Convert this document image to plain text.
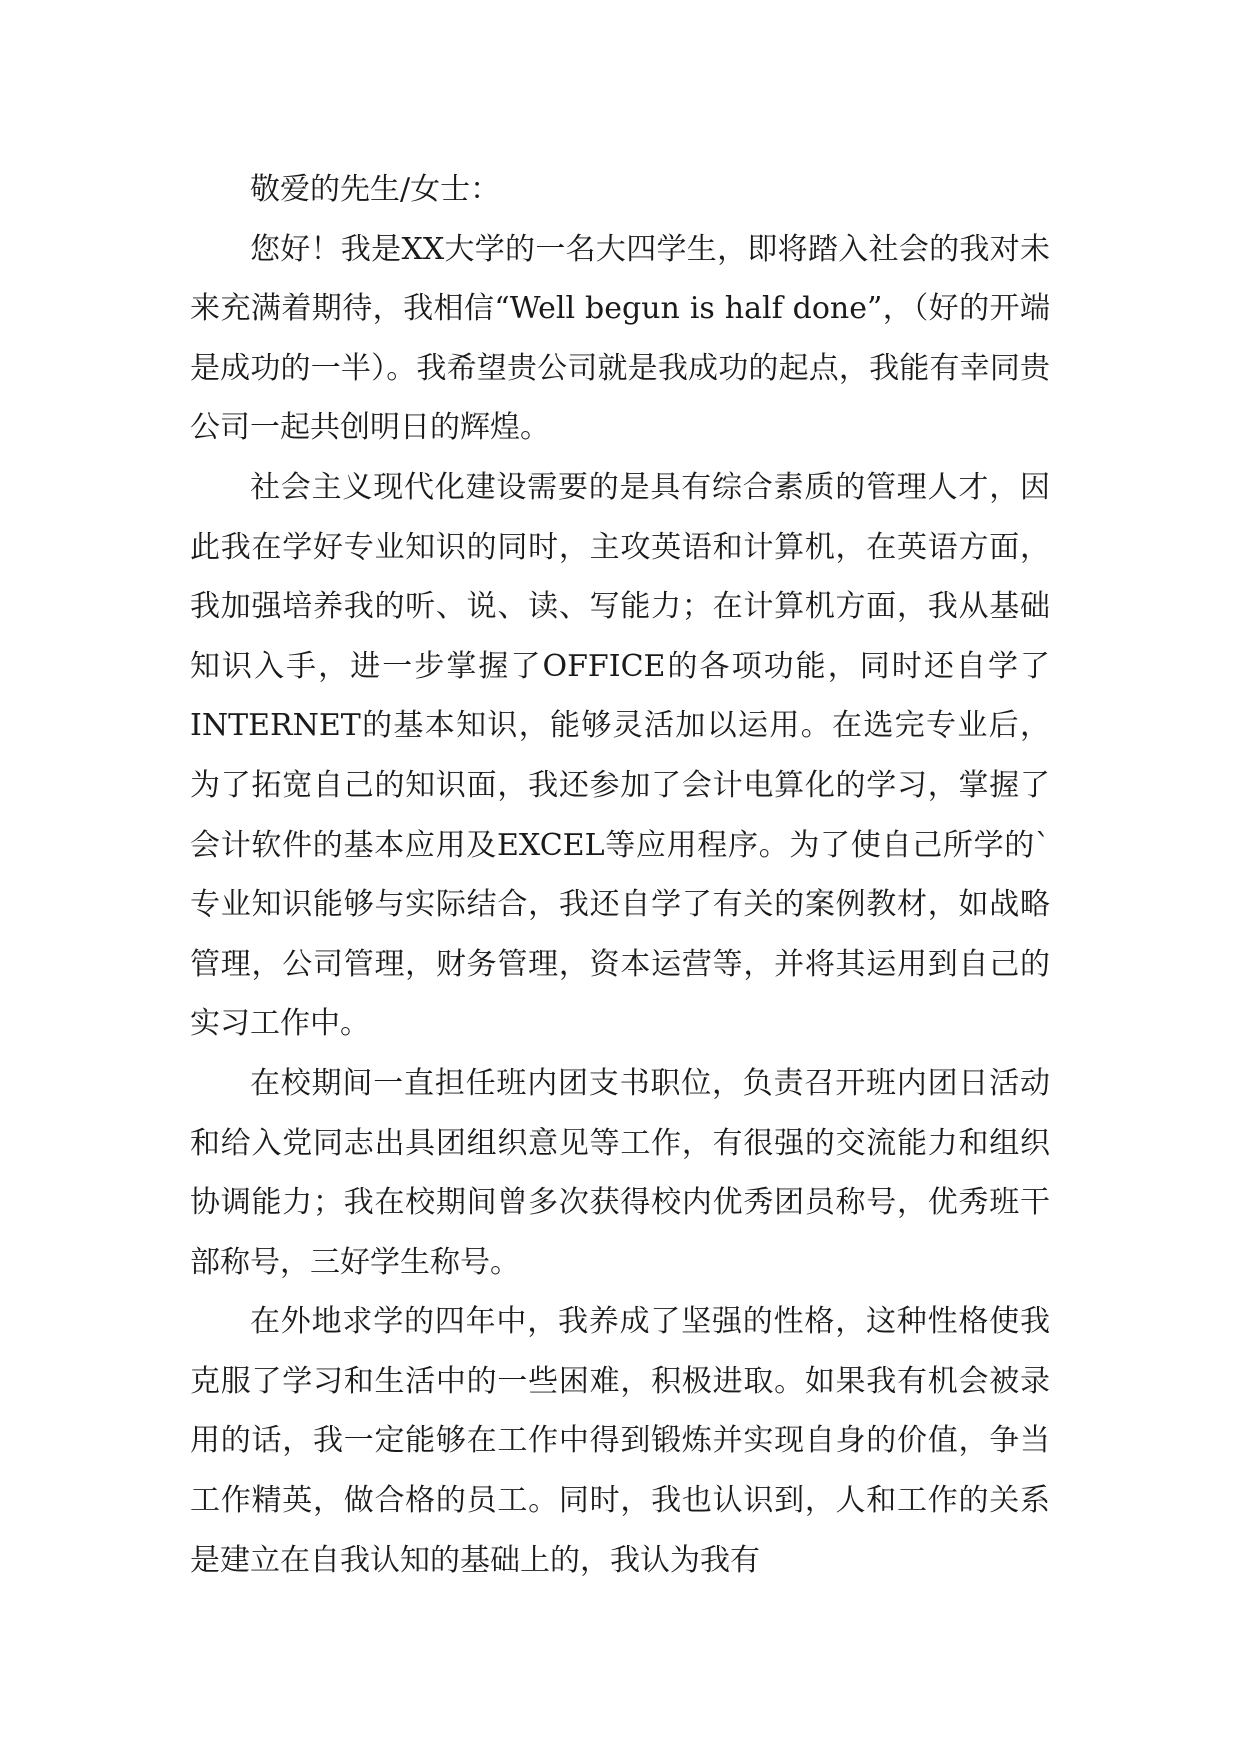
敬爱的先生/女士：

您好！我是XX大学的一名大四学生，即将踏入社会的我对未来充满着期待，我相信“Well begun is half done”，（好的开端是成功的一半）。我希望贵公司就是我成功的起点，我能有幸同贵公司一起共创明日的辉煌。

社会主义现代化建设需要的是具有综合素质的管理人才，因此我在学好专业知识的同时，主攻英语和计算机，在英语方面，我加强培养我的听、说、读、写能力；在计算机方面，我从基础知识入手，进一步掌握了OFFICE的各项功能，同时还自学了INTERNET的基本知识，能够灵活加以运用。在选完专业后，为了拓宽自己的知识面，我还参加了会计电算化的学习，掌握了会计软件的基本应用及EXCEL等应用程序。为了使自己所学的`专业知识能够与实际结合，我还自学了有关的案例教材，如战略管理，公司管理，财务管理，资本运营等，并将其运用到自己的实习工作中。

在校期间一直担任班内团支书职位，负责召开班内团日活动和给入党同志出具团组织意见等工作，有很强的交流能力和组织协调能力；我在校期间曾多次获得校内优秀团员称号，优秀班干部称号，三好学生称号。

在外地求学的四年中，我养成了坚强的性格，这种性格使我克服了学习和生活中的一些困难，积极进取。如果我有机会被录用的话，我一定能够在工作中得到锻炼并实现自身的价值，争当工作精英，做合格的员工。同时，我也认识到，人和工作的关系是建立在自我认知的基础上的，我认为我有
